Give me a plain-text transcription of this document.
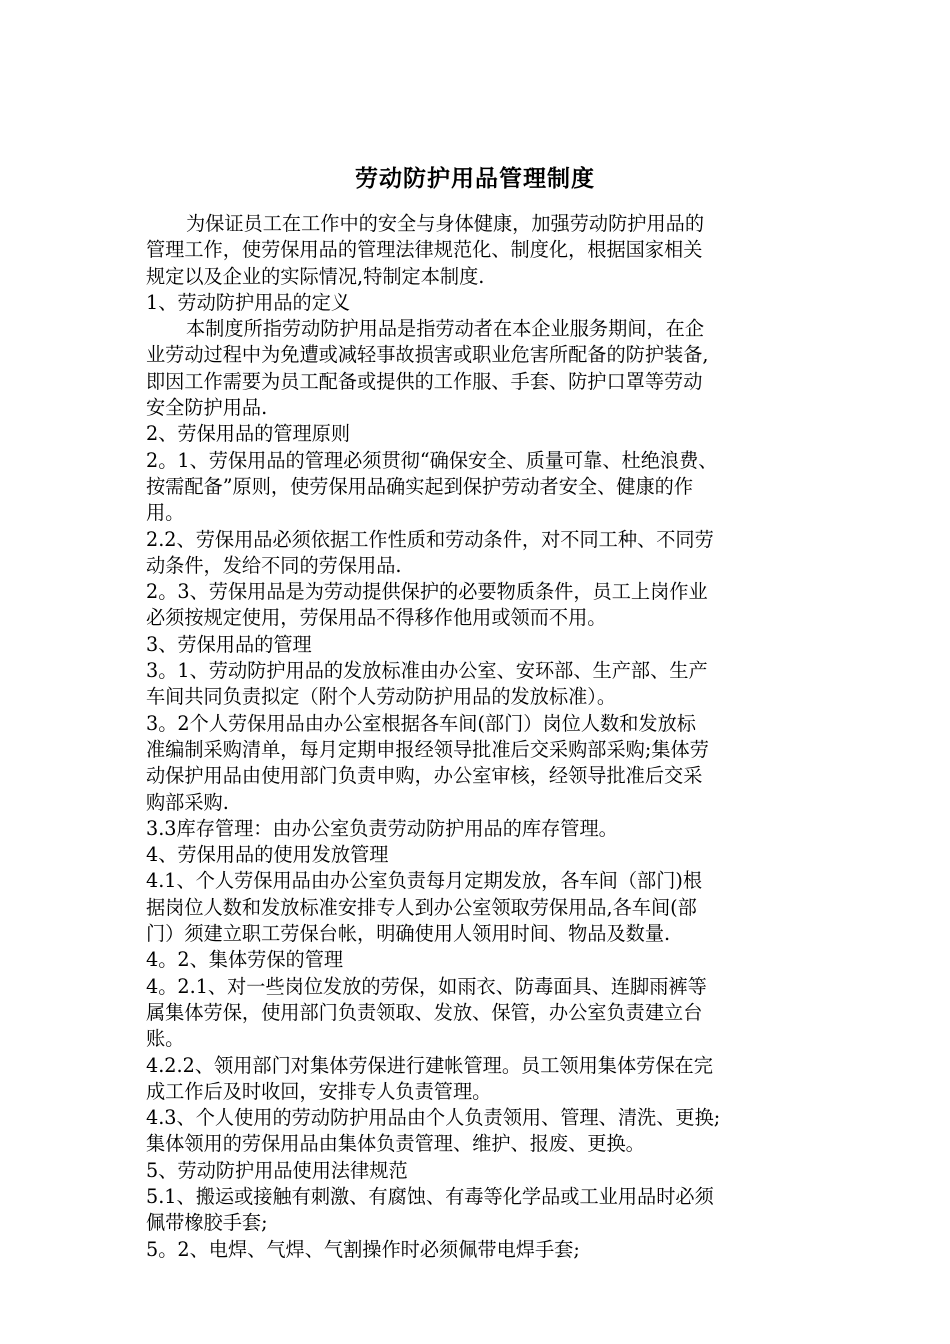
劳动防护用品管理制度
为保证员工在工作中的安全与身体健康，加强劳动防护用品的
管理工作，使劳保用品的管理法律规范化、制度化，根据国家相关
规定以及企业的实际情况,特制定本制度.
1、劳动防护用品的定义
本制度所指劳动防护用品是指劳动者在本企业服务期间，在企
业劳动过程中为免遭或减轻事故损害或职业危害所配备的防护装备,
即因工作需要为员工配备或提供的工作服、手套、防护口罩等劳动
安全防护用品.
2、劳保用品的管理原则
2。1、劳保用品的管理必须贯彻“确保安全、质量可靠、杜绝浪费、
按需配备”原则，使劳保用品确实起到保护劳动者安全、健康的作
用。
2.2、劳保用品必须依据工作性质和劳动条件，对不同工种、不同劳
动条件，发给不同的劳保用品.
2。3、劳保用品是为劳动提供保护的必要物质条件，员工上岗作业
必须按规定使用，劳保用品不得移作他用或领而不用。
3、劳保用品的管理
3。1、劳动防护用品的发放标准由办公室、安环部、生产部、生产
车间共同负责拟定（附个人劳动防护用品的发放标准）。
3。2个人劳保用品由办公室根据各车间(部门）岗位人数和发放标
准编制采购清单，每月定期申报经领导批准后交采购部采购;集体劳
动保护用品由使用部门负责申购，办公室审核，经领导批准后交采
购部采购.
3.3库存管理：由办公室负责劳动防护用品的库存管理。
4、劳保用品的使用发放管理
4.1、个人劳保用品由办公室负责每月定期发放，各车间（部门)根
据岗位人数和发放标准安排专人到办公室领取劳保用品,各车间(部
门）须建立职工劳保台帐，明确使用人领用时间、物品及数量.
4。2、集体劳保的管理
4。2.1、对一些岗位发放的劳保，如雨衣、防毒面具、连脚雨裤等
属集体劳保，使用部门负责领取、发放、保管，办公室负责建立台
账。
4.2.2、领用部门对集体劳保进行建帐管理。员工领用集体劳保在完
成工作后及时收回，安排专人负责管理。
4.3、个人使用的劳动防护用品由个人负责领用、管理、清洗、更换;
集体领用的劳保用品由集体负责管理、维护、报废、更换。
5、劳动防护用品使用法律规范
5.1、搬运或接触有刺激、有腐蚀、有毒等化学品或工业用品时必须
佩带橡胶手套;
5。2、电焊、气焊、气割操作时必须佩带电焊手套;
